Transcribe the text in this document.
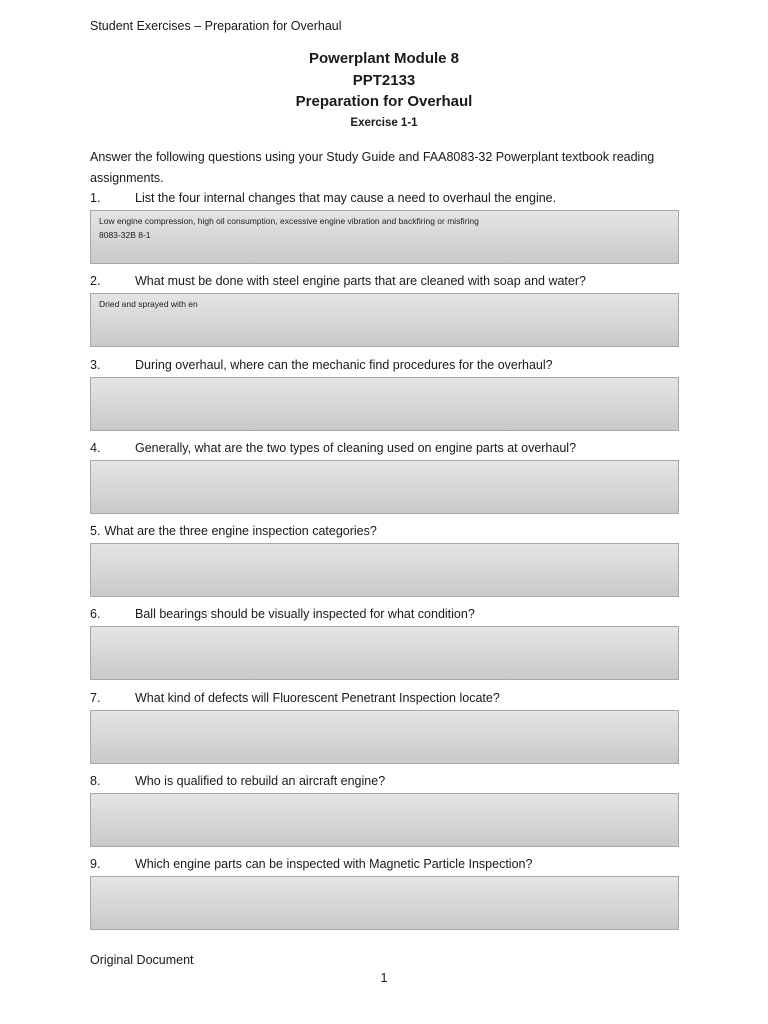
Student Exercises – Preparation for Overhaul
Powerplant Module 8
PPT2133
Preparation for Overhaul
Exercise 1-1
Answer the following questions using your Study Guide and FAA8083-32 Powerplant textbook reading
assignments.
1.	List the four internal changes that may cause a need to overhaul the engine.
Low engine compression, high oil consumption, excessive engine vibration and backfiring or misfiring
8083-32B 8-1
2.	What must be done with steel engine parts that are cleaned with soap and water?
Dried and sprayed with en
3.	During overhaul, where can the mechanic find procedures for the overhaul?
4.	Generally, what are the two types of cleaning used on engine parts at overhaul?
5. What are the three engine inspection categories?
6.	Ball bearings should be visually inspected for what condition?
7.	What kind of defects will Fluorescent Penetrant Inspection locate?
8.	Who is qualified to rebuild an aircraft engine?
9.	Which engine parts can be inspected with Magnetic Particle Inspection?
Original Document
1
